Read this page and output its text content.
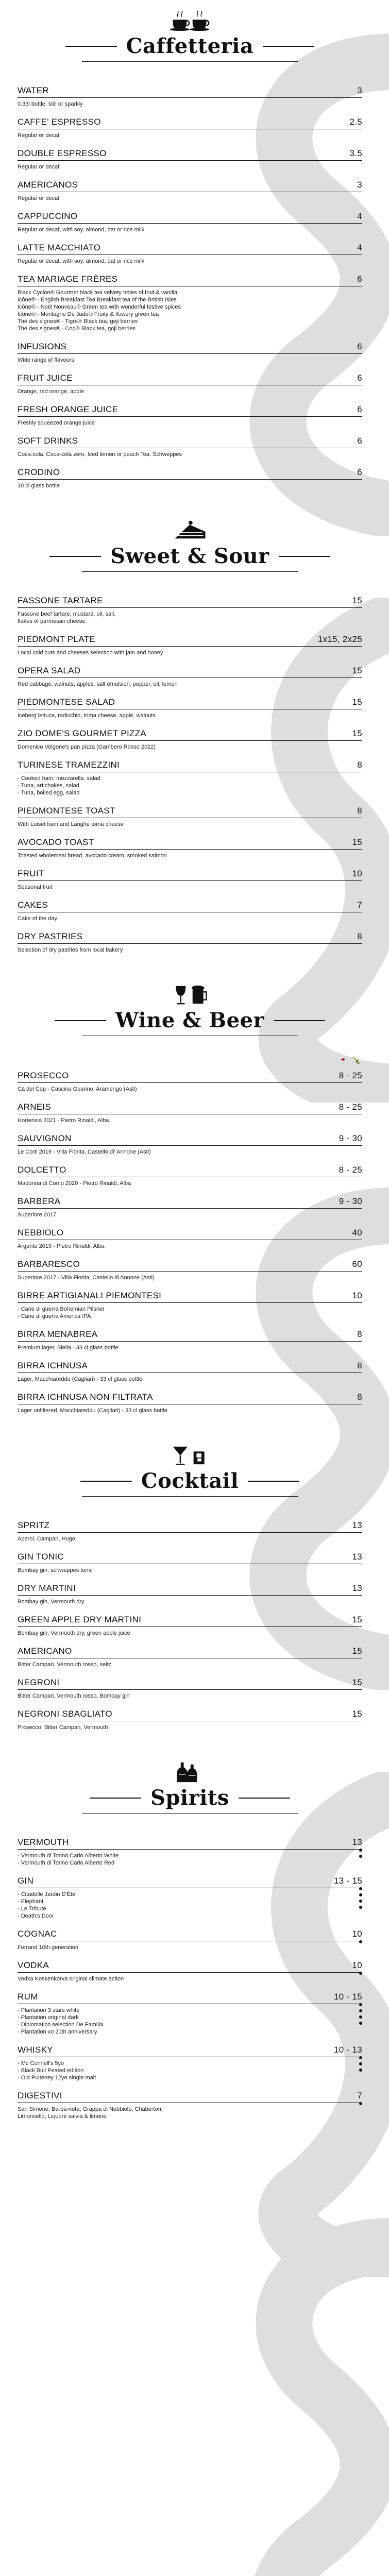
Caffetteria
WATER	3
0.33l bottle, still or sparkly
CAFFE' ESPRESSO	2.5
Regular or decaf
DOUBLE ESPRESSO	3.5
Regular or decaf
AMERICANOS	3
Regular or decaf
CAPPUCCINO	4
Regular or decaf, with soy, almond, oat or rice milk
LATTE MACCHIATO	4
Regular or decaf, with soy, almond, oat or rice milk
TEA MARIAGE FRÈRES	6
Black Cyclon® Gourmet black tea velvety notes of fruit & vanilla
Icône® - English Breakfast Tea Breakfast tea of the British Isles
Icône® - Noël Nouveau® Green tea with wonderful festive spices
Icône® - Montagne De Jade® Fruity & flowery green tea
Thé des signes® - Tigre® Black tea, goji berries
Thé des signes® - Coq® Black tea, goji berries
INFUSIONS	6
Wide range of flavours
FRUIT JUICE	6
Orange, red orange, apple
FRESH ORANGE JUICE	6
Freshly squeezed orange juice
SOFT DRINKS	6
Coca-cola, Coca-cola zero, Iced lemon or peach Tea, Schweppes
CRODINO	6
10 cl glass bottle
Sweet & Sour
FASSONE TARTARE	15
Fassone beef tartare, mustard, oil, salt,
flakes of parmesan cheese
PIEDMONT PLATE	1x15, 2x25
Local cold cuts and cheeses selection with jam and honey
OPERA SALAD	15
Red cabbage, walnuts, apples, salt emulsion, pepper, oil, lemon
PIEDMONTESE SALAD	15
Iceberg lettuce, radicchio, toma cheese, apple, walnuts
ZIO DOME'S GOURMET PIZZA	15
Domenico Volgone's pan pizza (Gambero Rosso 2022)
TURINESE TRAMEZZINI	8
- Cooked ham, mozzarella, salad
- Tuna, artichokes, salad
- Tuna, boiled egg, salad
PIEDMONTESE TOAST	8
With Luiset ham and Langhe toma cheese
AVOCADO TOAST	15
Toasted wholemeal bread, avocado cream, smoked salmon
FRUIT	10
Seasonal fruit
CAKES	7
Cake of the day
DRY PASTRIES	8
Selection of dry pastries from local bakery
Wine & Beer
🍷 🍾
PROSECCO	8 - 25
Cà del Cop - Cascina Guarino, Aramengo (Asti)
ARNEIS	8 - 25
Hortensia 2021 - Pietro Rinaldi, Alba
SAUVIGNON	9 - 30
Le Corti 2019 - Villa Fiorita, Castello di' Annone (Asti)
DOLCETTO	8 - 25
Madonna di Como 2020 - Pietro Rinaldi, Alba
BARBERA	9 - 30
Superiore 2017
NEBBIOLO	40
Argante 2019 - Pietro Rinaldi, Alba
BARBARESCO	60
Superiore 2017 - Villa Fiorita, Castello di Annone (Asti)
BIRRE ARTIGIANALI PIEMONTESI	10
- Cane di guerra Bohemian Pilsner
- Cane di guerra America IPA
BIRRA MENABREA	8
Premium lager, Biella - 33 cl glass bottle
BIRRA ICHNUSA	8
Lager, Macchiareddu (Cagliari) - 33 cl glass bottle
BIRRA ICHNUSA NON FILTRATA	8
Lager unfiltered, Macchiareddu (Cagliari) - 33 cl glass bottle
Cocktail
SPRITZ	13
Aperol, Campari, Hugo
GIN TONIC	13
Bombay gin, schweppes tonic
DRY MARTINI	13
Bombay gin, Vermouth dry
GREEN APPLE DRY MARTINI	15
Bombay gin, Vermouth dry, green apple juice
AMERICANO	15
Bitter Campari, Vermouth rosso, seltz
NEGRONI	15
Bitter Campari, Vermouth rosso, Bombay gin
NEGRONI SBAGLIATO	15
Prosecco, Bitter Campari, Vermouth
Spirits
VERMOUTH	13
- Vermouth di Torino Carlo Alberto White
- Vermouth di Torino Carlo Alberto Red
GIN	13 - 15
- Citadelle Jardin D'Été
- Elephant
- Le Tribute
- Death's Door
COGNAC	10
Ferrand 10th generation
VODKA	10
Vodka Koskenkorva original climate action
RUM	10 - 15
- Plantation 3 stars white
- Plantation original dark
- Diplomatico selection De Familia
- Plantation xo 20th anniversary
WHISKY	10 - 13
- Mc Connell's 5yo
- Black Bull Peated edition
- Old Pulteney 12yo single malt
DIGESTIVI	7
San Simone, Ba-ba-nota, Grappa di Nebbiolo, Chaberton,
Limoncello, Liquore salvia & limone
